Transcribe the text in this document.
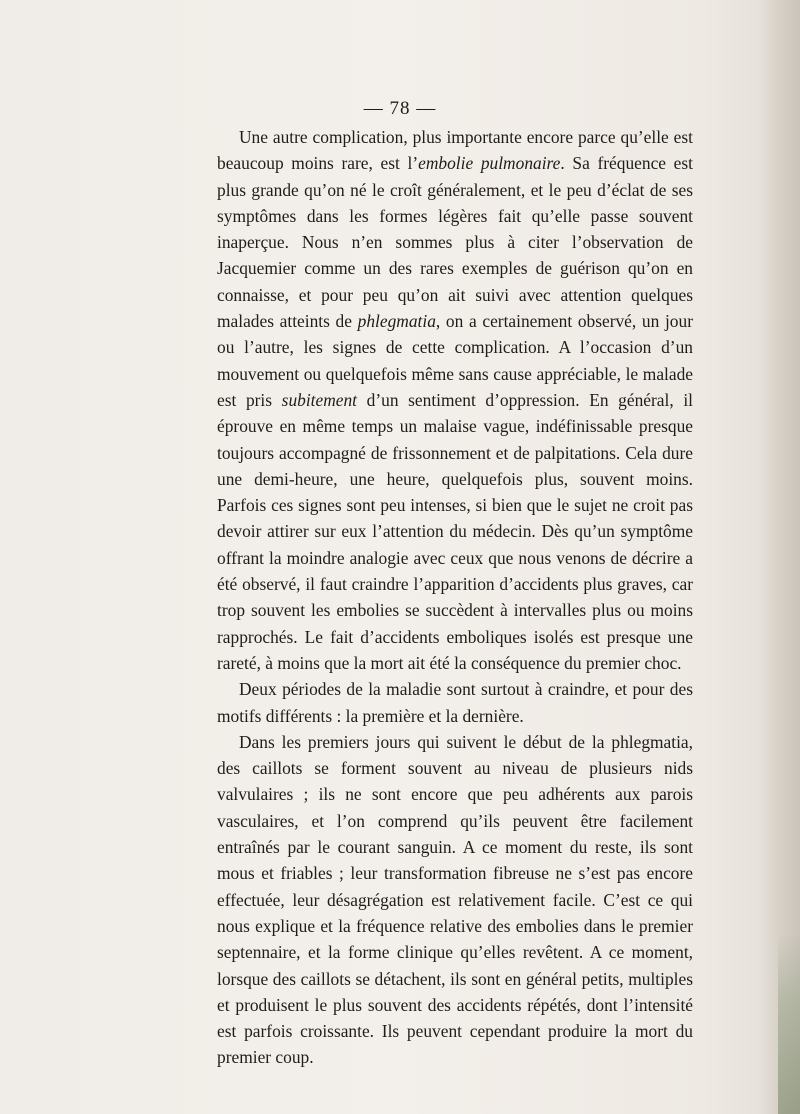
— 78 —

Une autre complication, plus importante encore parce qu’elle est beaucoup moins rare, est l’embolie pulmonaire. Sa fréquence est plus grande qu’on né le croît généralement, et le peu d’éclat de ses symptômes dans les formes légères fait qu’elle passe souvent inaperçue. Nous n’en sommes plus à citer l’observation de Jacquemier comme un des rares exemples de guérison qu’on en connaisse, et pour peu qu’on ait suivi avec attention quelques malades atteints de phlegmatia, on a certainement observé, un jour ou l’autre, les signes de cette complication. A l’occasion d’un mouvement ou quelquefois même sans cause appréciable, le malade est pris subitement d’un sentiment d’oppression. En général, il éprouve en même temps un malaise vague, indéfinissable presque toujours accompagné de frissonnement et de palpitations. Cela dure une demi-heure, une heure, quelquefois plus, souvent moins. Parfois ces signes sont peu intenses, si bien que le sujet ne croit pas devoir attirer sur eux l’attention du médecin. Dès qu’un symptôme offrant la moindre analogie avec ceux que nous venons de décrire a été observé, il faut craindre l’apparition d’accidents plus graves, car trop souvent les embolies se succèdent à intervalles plus ou moins rapprochés. Le fait d’accidents emboliques isolés est presque une rareté, à moins que la mort ait été la conséquence du premier choc.

Deux périodes de la maladie sont surtout à craindre, et pour des motifs différents : la première et la dernière.

Dans les premiers jours qui suivent le début de la phlegmatia, des caillots se forment souvent au niveau de plusieurs nids valvulaires ; ils ne sont encore que peu adhérents aux parois vasculaires, et l’on comprend qu’ils peuvent être facilement entraînés par le courant sanguin. A ce moment du reste, ils sont mous et friables ; leur transformation fibreuse ne s’est pas encore effectuée, leur désagrégation est relativement facile. C’est ce qui nous explique et la fréquence relative des embolies dans le premier septennaire, et la forme clinique qu’elles revêtent. A ce moment, lorsque des caillots se détachent, ils sont en général petits, multiples et produisent le plus souvent des accidents répétés, dont l’intensité est parfois croissante. Ils peuvent cependant produire la mort du premier coup.
